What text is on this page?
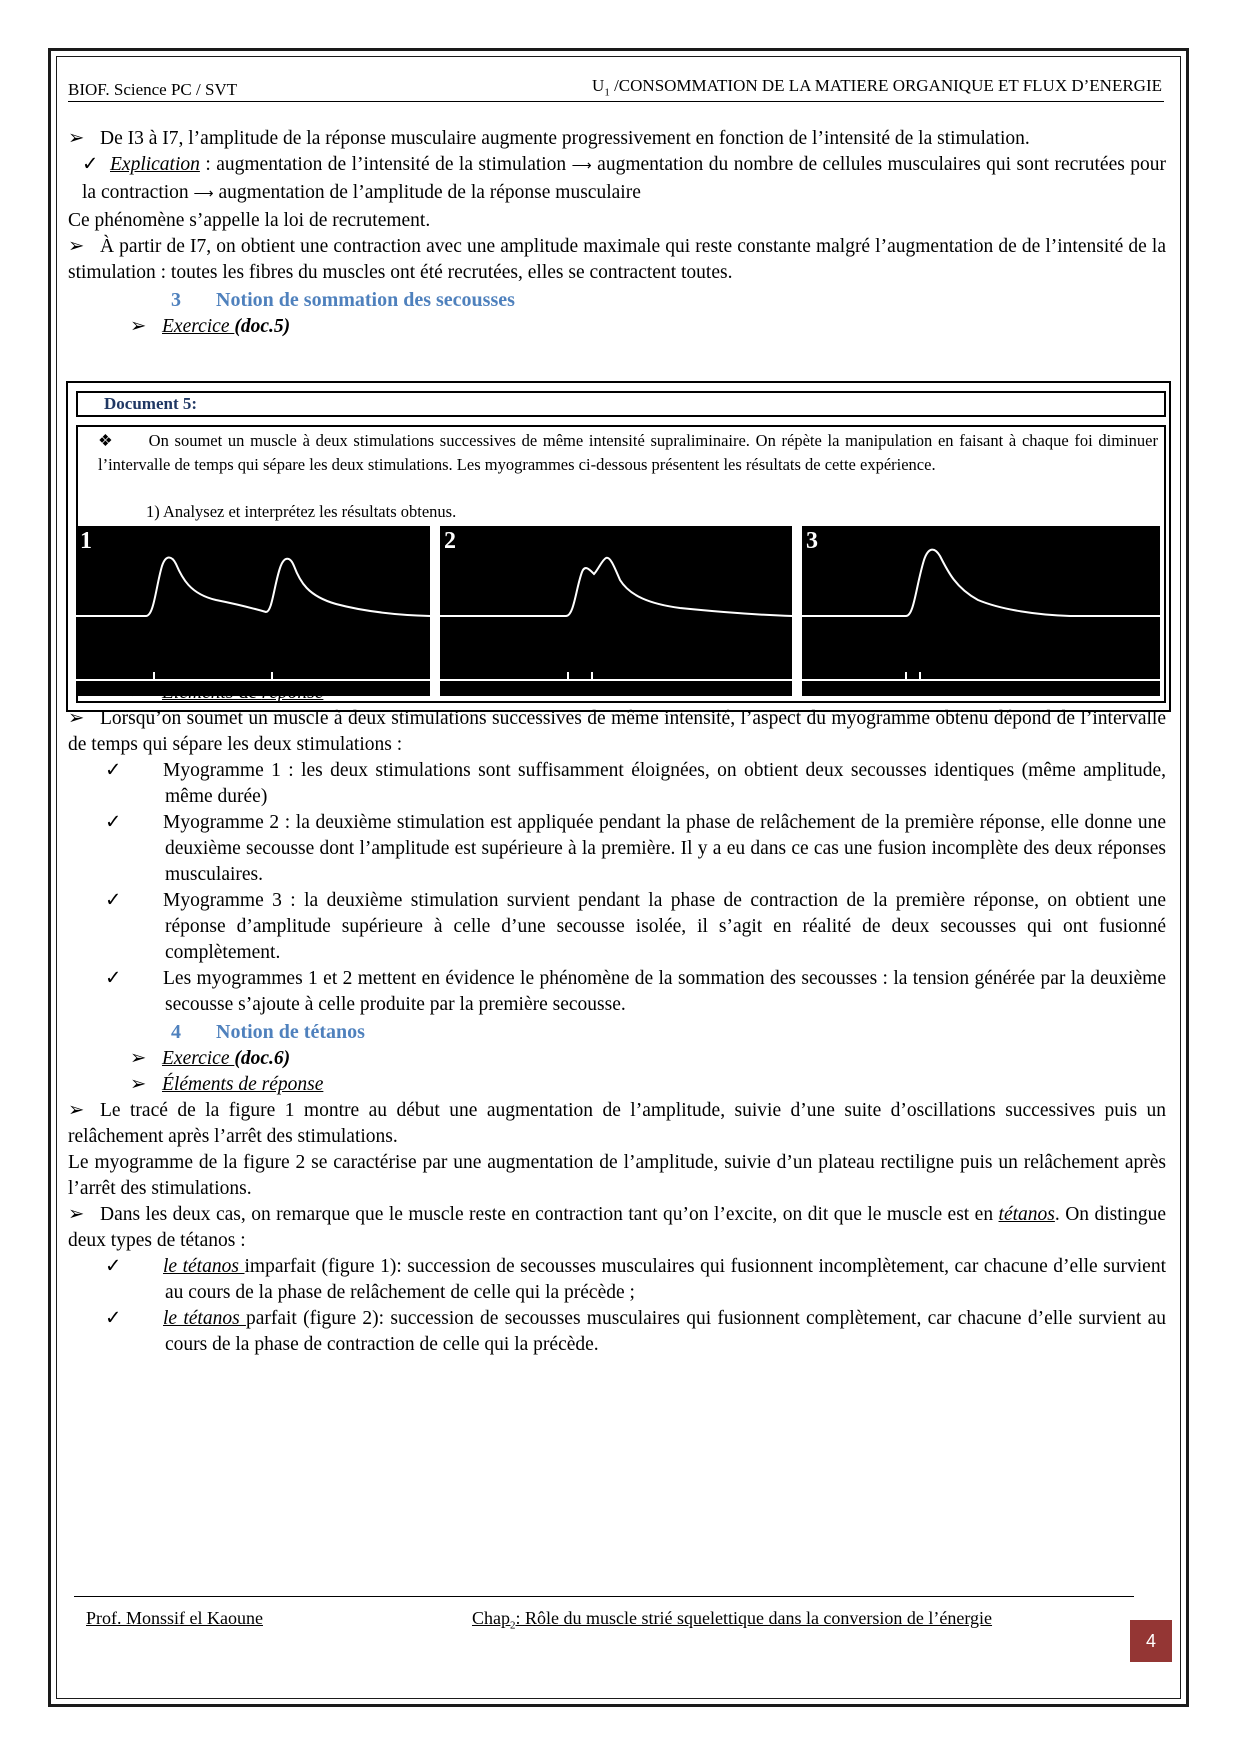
BIOF. Science PC / SVT	$U_1$ /CONSOMMATION DE LA MATIERE ORGANIQUE ET FLUX D’ENERGIE

➢ De I3 à I7, l’amplitude de la réponse musculaire augmente progressivement en fonction de l’intensité de la stimulation.

✓ Explication : augmentation de l’intensité de la stimulation ⟶ augmentation du nombre de cellules musculaires qui sont recrutées pour la contraction ⟶ augmentation de l’amplitude de la réponse musculaire

Ce phénomène s’appelle la loi de recrutement.

➢ À partir de I7, on obtient une contraction avec une amplitude maximale qui reste constante malgré l’augmentation de de l’intensité de la stimulation : toutes les fibres du muscles ont été recrutées, elles se contractent toutes.

3 Notion de sommation des secousses

➢ Exercice (doc.5)

➢ Lorsqu’on soumet un muscle à deux stimulations successives de même intensité, l’aspect du myogramme obtenu dépond de l’intervalle de temps qui sépare les deux stimulations :

✓ Myogramme 1 : les deux stimulations sont suffisamment éloignées, on obtient deux secousses identiques (même amplitude, même durée)

✓ Myogramme 2 : la deuxième stimulation est appliquée pendant la phase de relâchement de la première réponse, elle donne une deuxième secousse dont l’amplitude est supérieure à la première. Il y a eu dans ce cas une fusion incomplète des deux réponses musculaires.

✓ Myogramme 3 : la deuxième stimulation survient pendant la phase de contraction de la première réponse, on obtient une réponse d’amplitude supérieure à celle d’une secousse isolée, il s’agit en réalité de deux secousses qui ont fusionné complètement.

✓ Les myogrammes 1 et 2 mettent en évidence le phénomène de la sommation des secousses : la tension générée par la deuxième secousse s’ajoute à celle produite par la première secousse.

4 Notion de tétanos

➢ Exercice (doc.6)

➢ Éléments de réponse

➢ Le tracé de la figure 1 montre au début une augmentation de l’amplitude, suivie d’une suite d’oscillations successives puis un relâchement après l’arrêt des stimulations.

Le myogramme de la figure 2 se caractérise par une augmentation de l’amplitude, suivie d’un plateau rectiligne puis un relâchement après l’arrêt des stimulations.

➢ Dans les deux cas, on remarque que le muscle reste en contraction tant qu’on l’excite, on dit que le muscle est en tétanos. On distingue deux types de tétanos :

✓ le tétanos imparfait (figure 1): succession de secousses musculaires qui fusionnent incomplètement, car chacune d’elle survient au cours de la phase de relâchement de celle qui la précède ;

✓ le tétanos parfait (figure 2): succession de secousses musculaires qui fusionnent complètement, car chacune d’elle survient au cours de la phase de contraction de celle qui la précède.

Document 5:
❖ On soumet un muscle à deux stimulations successives de même intensité supraliminaire. On répète la manipulation en faisant à chaque foi diminuer l’intervalle de temps qui sépare les deux stimulations. Les myogrammes ci-dessous présentent les résultats de cette expérience.
1) Analysez et interprétez les résultats obtenus.
1	2	3
Prof. Monssif el Kaoune	Chap$_2$: Rôle du muscle strié squelettique dans la conversion de l’énergie
4
